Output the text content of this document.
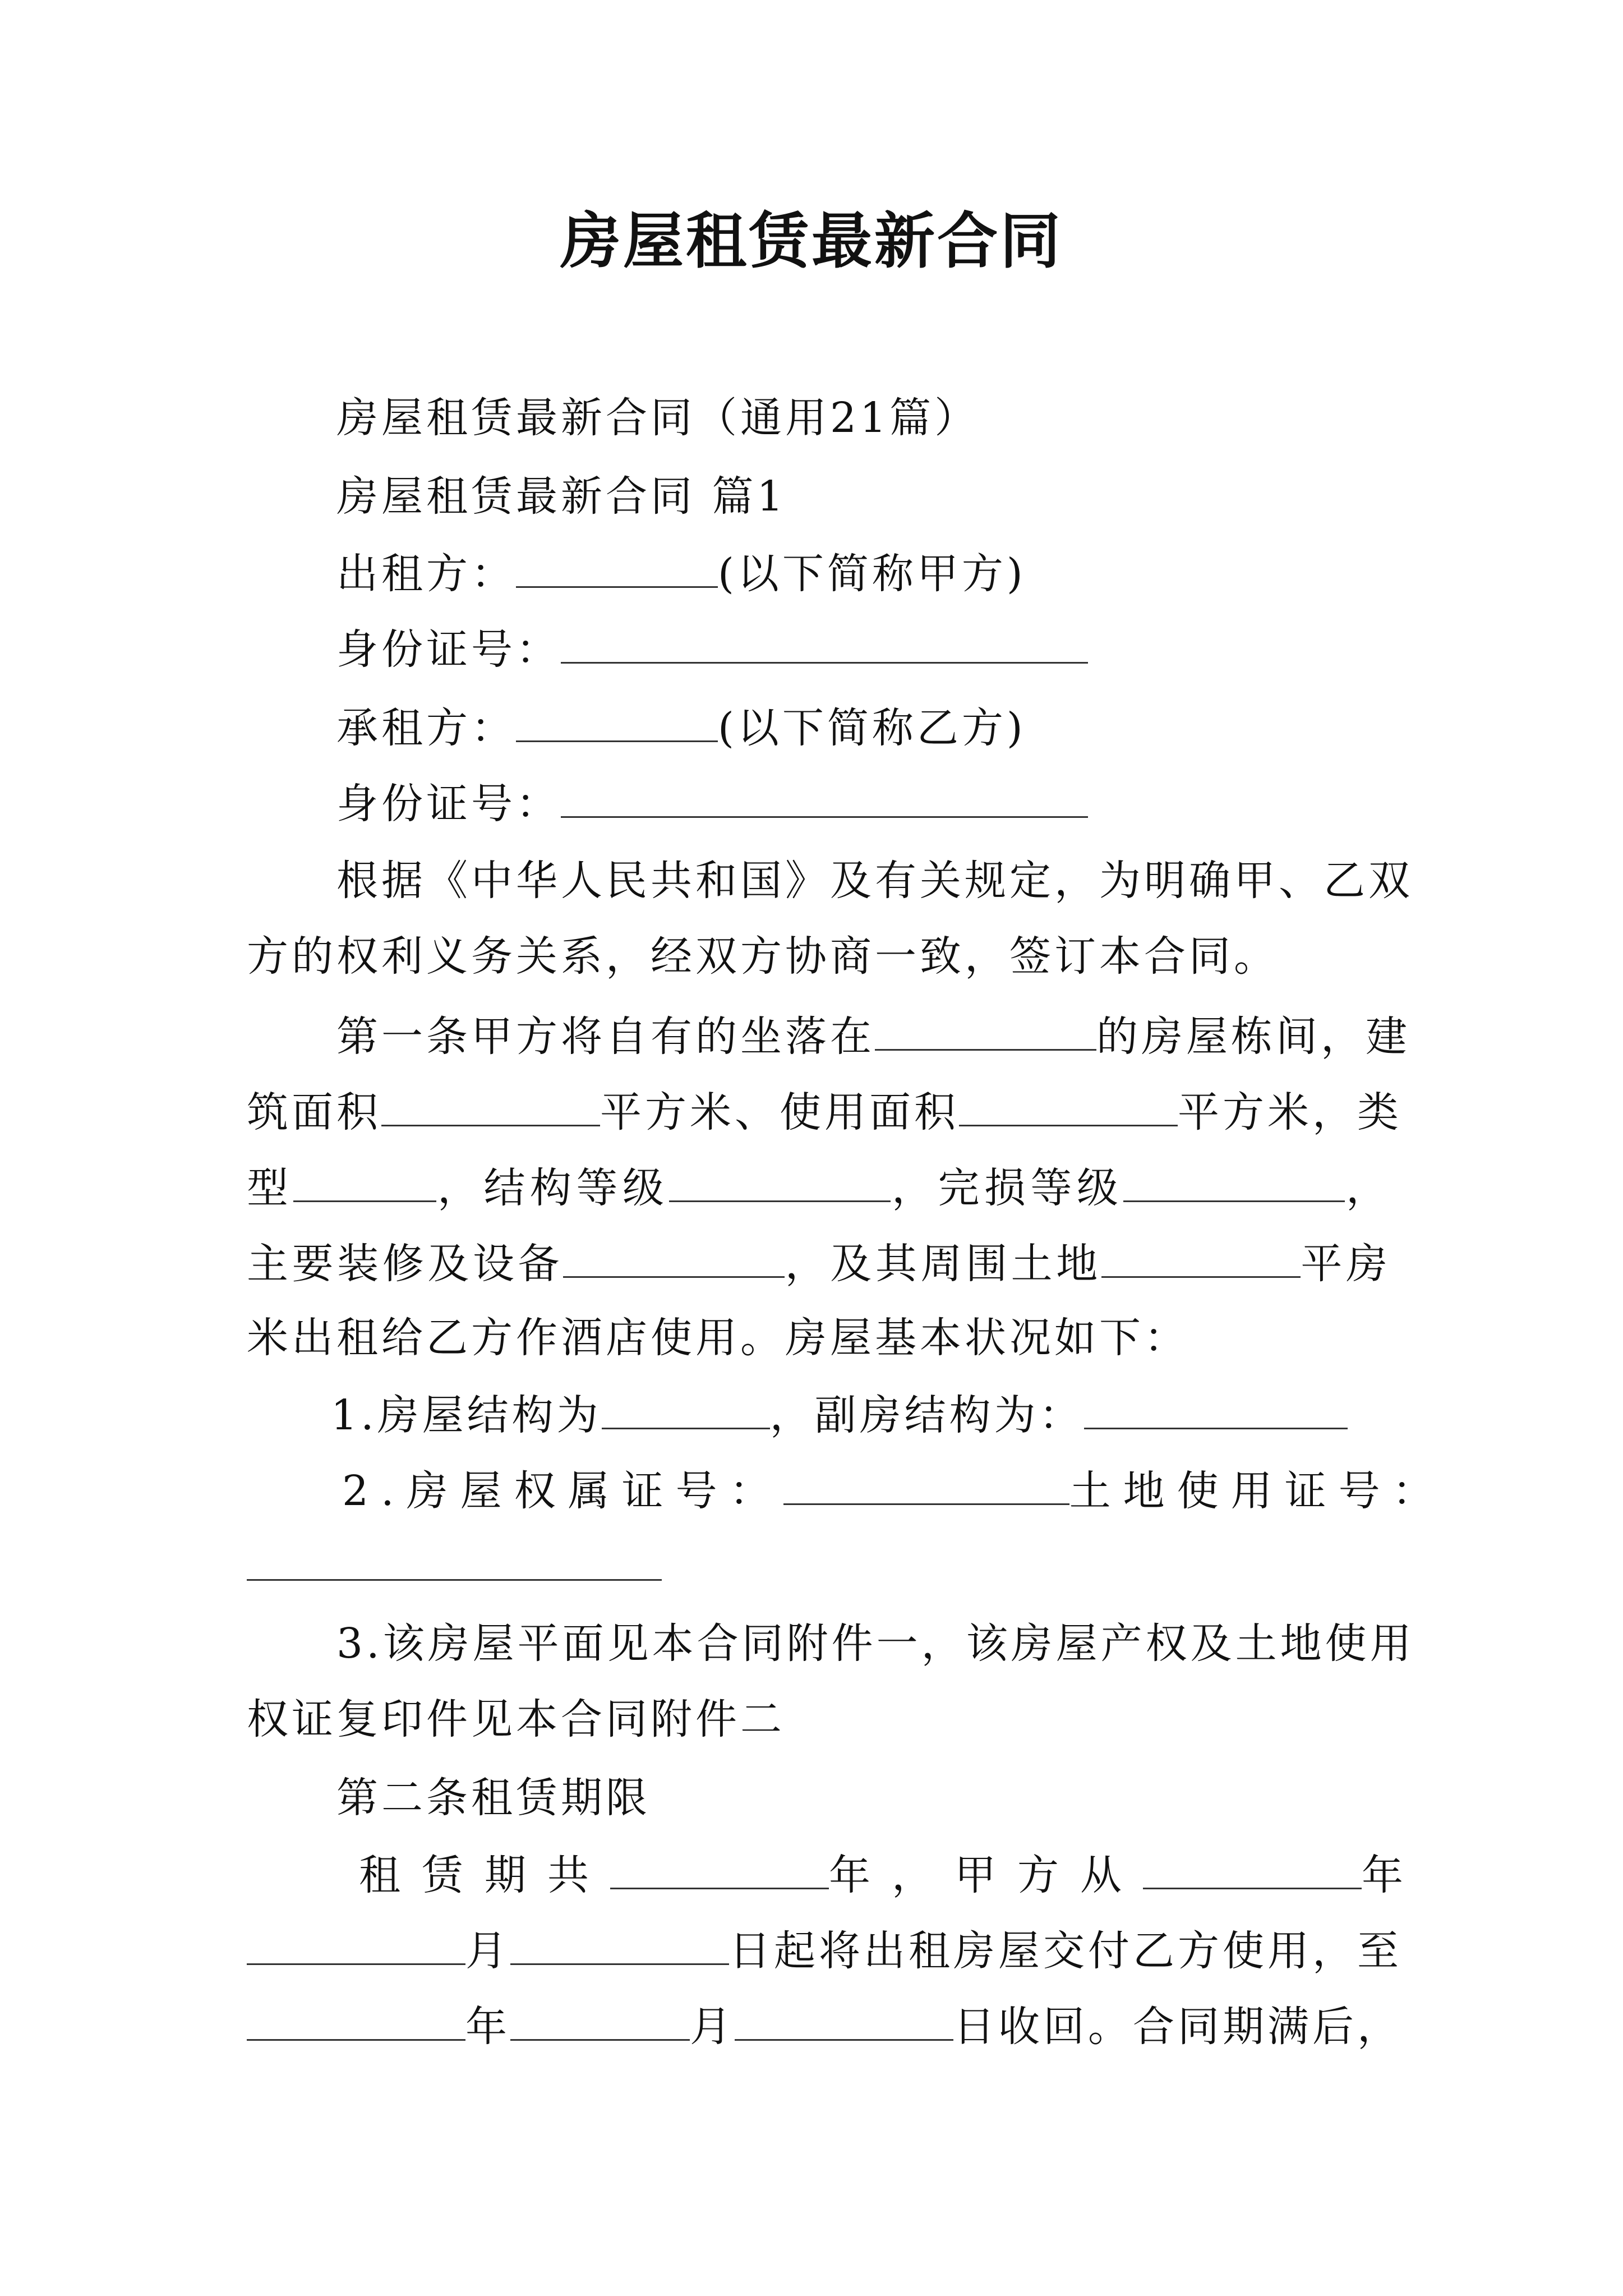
房屋租赁最新合同
房屋租赁最新合同（通用21篇）
房屋租赁最新合同 篇1
出租方：	(以下简称甲方)
身份证号：
承租方：	(以下简称乙方)
身份证号：
根据《中华人民共和国》及有关规定，为明确甲、乙双
方的权利义务关系，经双方协商一致，签订本合同。
第一条甲方将自有的坐落在	的房屋栋间，建
筑面积	平方米、使用面积	平方米，类
型	，结构等级	，完损等级	，
主要装修及设备	，及其周围土地	平房
米出租给乙方作酒店使用。房屋基本状况如下：
1.房屋结构为	，副房结构为：
2.房屋权属证号：	土地使用证号：
3.该房屋平面见本合同附件一，该房屋产权及土地使用
权证复印件见本合同附件二
第二条租赁期限
租赁期共	年，甲方从	年
月	日起将出租房屋交付乙方使用，至
年	月	日收回。合同期满后，
